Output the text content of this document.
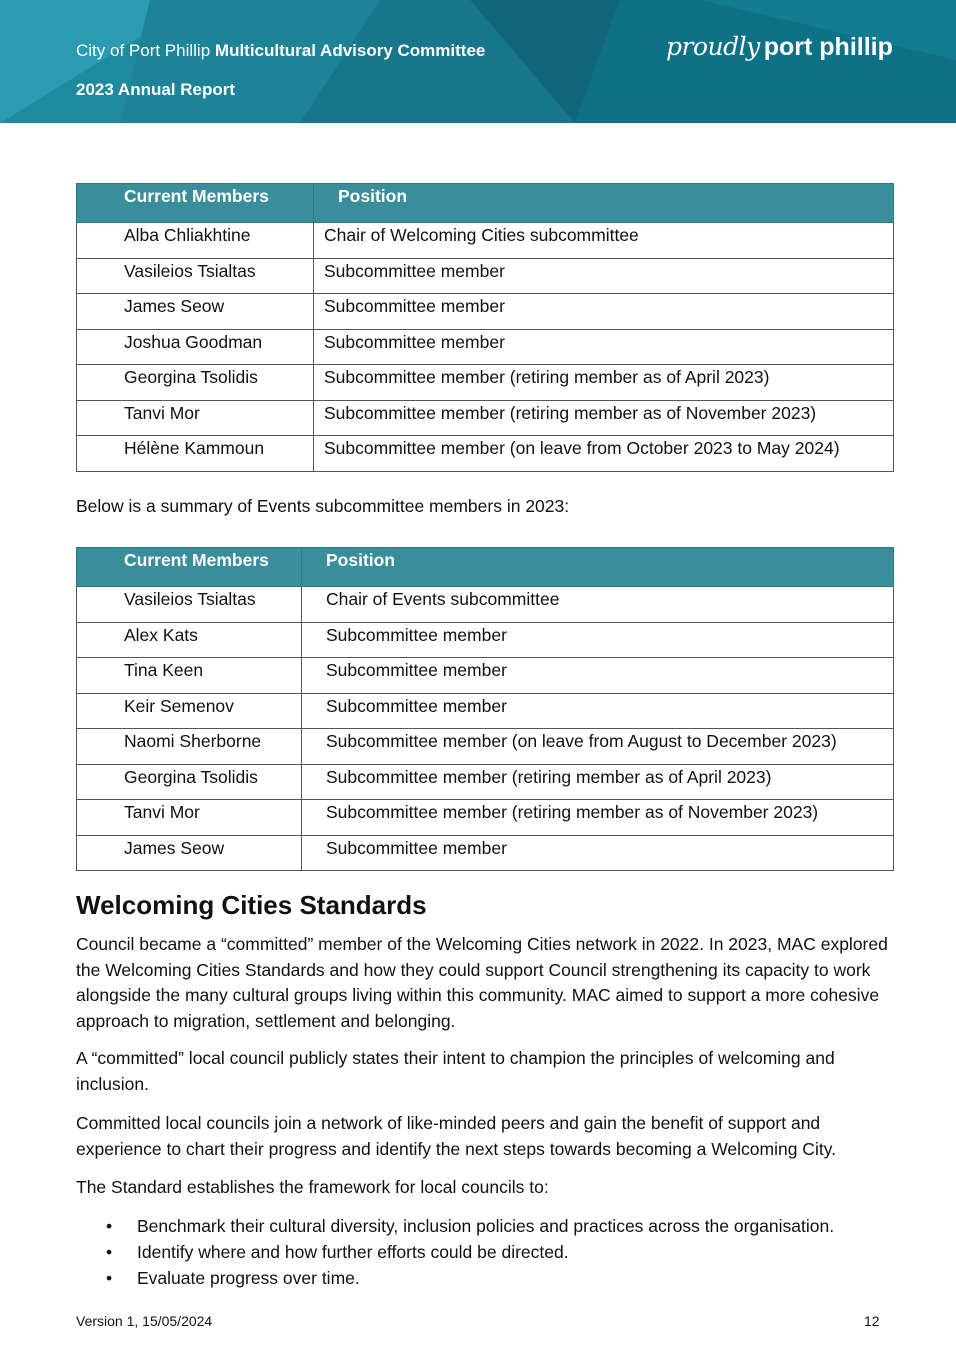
City of Port Phillip Multicultural Advisory Committee
2023 Annual Report
proudly port phillip
Current Members	Position
Alba Chliakhtine	Chair of Welcoming Cities subcommittee
Vasileios Tsialtas	Subcommittee member
James Seow	Subcommittee member
Joshua Goodman	Subcommittee member
Georgina Tsolidis	Subcommittee member (retiring member as of April 2023)
Tanvi Mor	Subcommittee member (retiring member as of November 2023)
Hélène Kammoun	Subcommittee member (on leave from October 2023 to May 2024)

Below is a summary of Events subcommittee members in 2023:

Current Members	Position
Vasileios Tsialtas	Chair of Events subcommittee
Alex Kats	Subcommittee member
Tina Keen	Subcommittee member
Keir Semenov	Subcommittee member
Naomi Sherborne	Subcommittee member (on leave from August to December 2023)
Georgina Tsolidis	Subcommittee member (retiring member as of April 2023)
Tanvi Mor	Subcommittee member (retiring member as of November 2023)
James Seow	Subcommittee member
Welcoming Cities Standards

Council became a “committed” member of the Welcoming Cities network in 2022. In 2023, MAC explored the Welcoming Cities Standards and how they could support Council strengthening its capacity to work alongside the many cultural groups living within this community. MAC aimed to support a more cohesive approach to migration, settlement and belonging.

A “committed” local council publicly states their intent to champion the principles of welcoming and inclusion.

Committed local councils join a network of like-minded peers and gain the benefit of support and experience to chart their progress and identify the next steps towards becoming a Welcoming City.

The Standard establishes the framework for local councils to:

• Benchmark their cultural diversity, inclusion policies and practices across the organisation.
• Identify where and how further efforts could be directed.
• Evaluate progress over time.
Version 1, 15/05/2024	12
